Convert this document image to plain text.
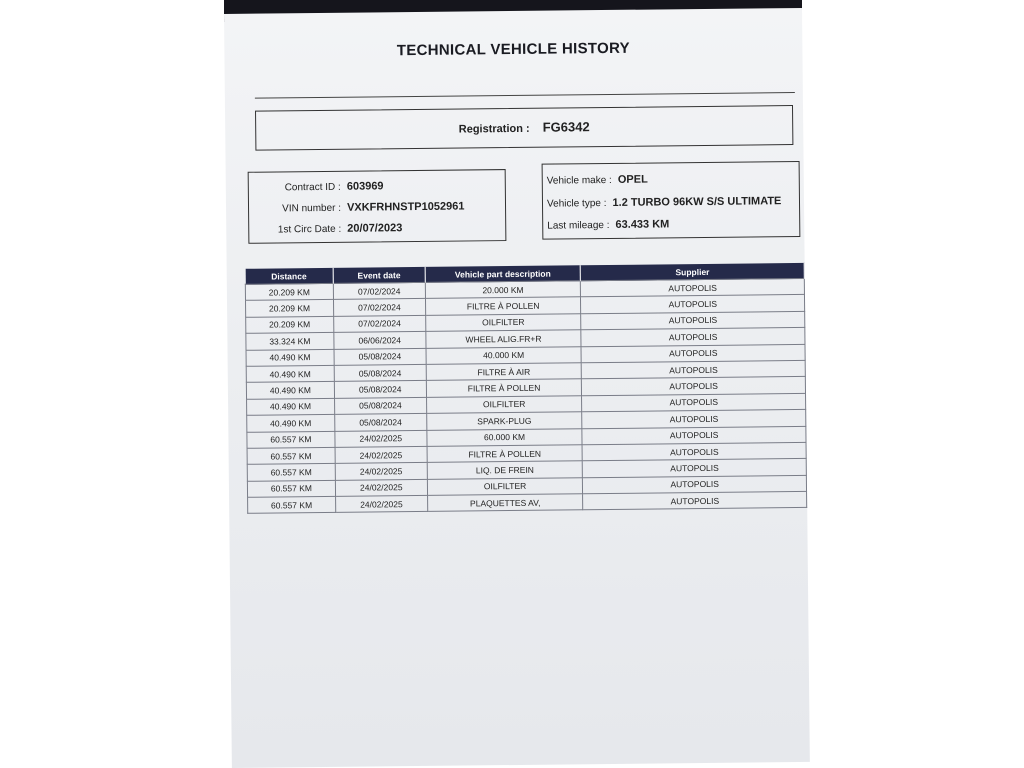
TECHNICAL VEHICLE HISTORY
Registration : FG6342
Contract ID : 603969
VIN number : VXKFRHNSTP1052961
1st Circ Date : 20/07/2023
Vehicle make : OPEL
Vehicle type : 1.2 TURBO 96KW S/S ULTIMATE
Last mileage : 63.433 KM
Distance	Event date	Vehicle part description	Supplier
20.209 KM	07/02/2024	20.000 KM	AUTOPOLIS
20.209 KM	07/02/2024	FILTRE À POLLEN	AUTOPOLIS
20.209 KM	07/02/2024	OILFILTER	AUTOPOLIS
33.324 KM	06/06/2024	WHEEL ALIG.FR+R	AUTOPOLIS
40.490 KM	05/08/2024	40.000 KM	AUTOPOLIS
40.490 KM	05/08/2024	FILTRE À AIR	AUTOPOLIS
40.490 KM	05/08/2024	FILTRE À POLLEN	AUTOPOLIS
40.490 KM	05/08/2024	OILFILTER	AUTOPOLIS
40.490 KM	05/08/2024	SPARK-PLUG	AUTOPOLIS
60.557 KM	24/02/2025	60.000 KM	AUTOPOLIS
60.557 KM	24/02/2025	FILTRE À POLLEN	AUTOPOLIS
60.557 KM	24/02/2025	LIQ. DE FREIN	AUTOPOLIS
60.557 KM	24/02/2025	OILFILTER	AUTOPOLIS
60.557 KM	24/02/2025	PLAQUETTES AV,	AUTOPOLIS
